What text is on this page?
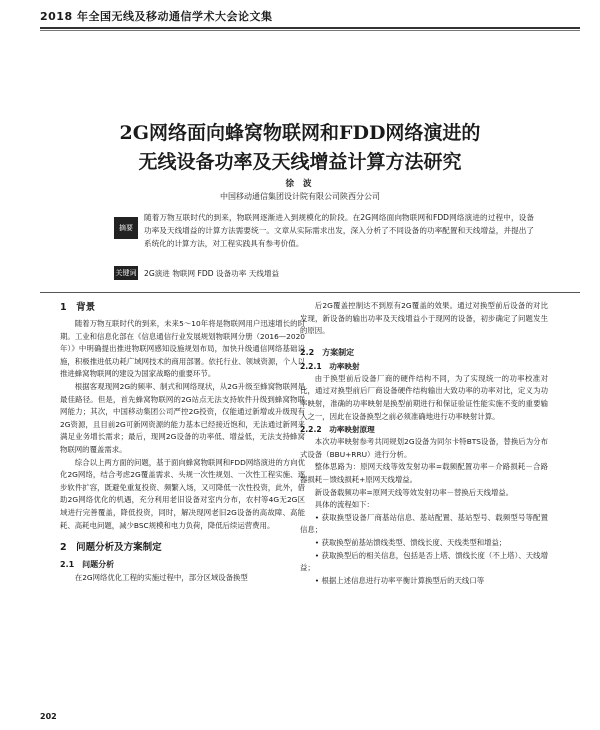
2018 年全国无线及移动通信学术大会论文集
2G网络面向蜂窝物联网和FDD网络演进的
无线设备功率及天线增益计算方法研究
徐 波
中国移动通信集团设计院有限公司陕西分公司
摘要
随着万物互联时代的到来，物联网逐渐进入到规模化的阶段。在2G网络面向物联网和FDD网络演进的过程中，设备功率及天线增益的计算方法需要统一。文章从实际需求出发，深入分析了不同设备的功率配置和天线增益，并提出了系统化的计算方法，对工程实践具有参考价值。
关键词 2G演进 物联网 FDD 设备功率 天线增益
1　背景

随着万物互联时代的到来，未来5～10年将是物联网用户迅速增长的时期。工业和信息化部在《信息通信行业发展规划物联网分册（2016—2020年）》中明确提出推进物联网感知设施规划布局，加快升级通信网络基础设施，积极推进低功耗广域网技术的商用部署。依托行业、领域资源，个人以推进蜂窝物联网的建设为国家战略的重要环节。

根据客观现网2G的频率、制式和网络现状，从2G升级至蜂窝物联网是最佳路径。但是，首先蜂窝物联网的2G站点无法支持软件升级到蜂窝物联网能力；其次，中国移动集团公司严控2G投资，仅能通过新增或升级现有2G资源，且目前2G可新网资源的能力基本已经接近饱和，无法通过新网来满足业务增长需求；最后，现网2G设备的功率低、增益低，无法支持蜂窝物联网的覆盖需求。

综合以上两方面的问题，基于面向蜂窝物联网和FDD网络演进的方向优化2G网络，结合考虑2G覆盖需求、头规一次性规划、一次性工程实施、逐步软件扩容，既避免重复投资、频繁入场，又可降低一次性投资，此外，借助2G网络优化的机遇，充分利用老旧设备对室内分布，农村等4G无2G区域进行完善覆盖，降低投资，同时，解决现网老旧2G设备的高故障、高能耗、高耗电问题，减少BSC规模和电力负荷，降低后续运营费用。

2　问题分析及方案制定
2.1　问题分析

在2G网络优化工程的实施过程中，部分区域设备换型

后2G覆盖控制达不到原有2G覆盖的效果。通过对换型前后设备的对比发现，新设备的输出功率及天线增益小于现网的设备，初步确定了问题发生的原因。

2.2　方案制定
2.2.1　功率映射

由于换型前后设备厂商的硬件结构不同，为了实现统一的功率校准对比，通过对换型前后厂商设备硬件结构输出大致功率的功率对比，定义为功率映射，准确的功率映射是换型前期进行和保证验证性能实施不变的重要输入之一，因此在设备换型之前必须准确地进行功率映射计算。

2.2.2　功率映射原理

本次功率映射参考共同规划2G设备为同尔卡特BTS设备，替换后为分布式设备（BBU+RRU）进行分析。

整体思路为：原网天线等效发射功率=载频配置功率－介路损耗－合路器损耗－馈线损耗+原网天线增益。

新设备载频功率=原网天线等效发射功率－替换后天线增益。

具体的流程如下：

• 获取换型设备厂商基站信息、基站配置、基站型号、载频型号等配置信息；

• 获取换型前基站馈线类型、馈线长度、天线类型和增益；

• 获取换型后的相关信息，包括是否上塔、馈线长度（不上塔）、天线增益；

• 根据上述信息进行功率平衡计算换型后的天线口等

202
